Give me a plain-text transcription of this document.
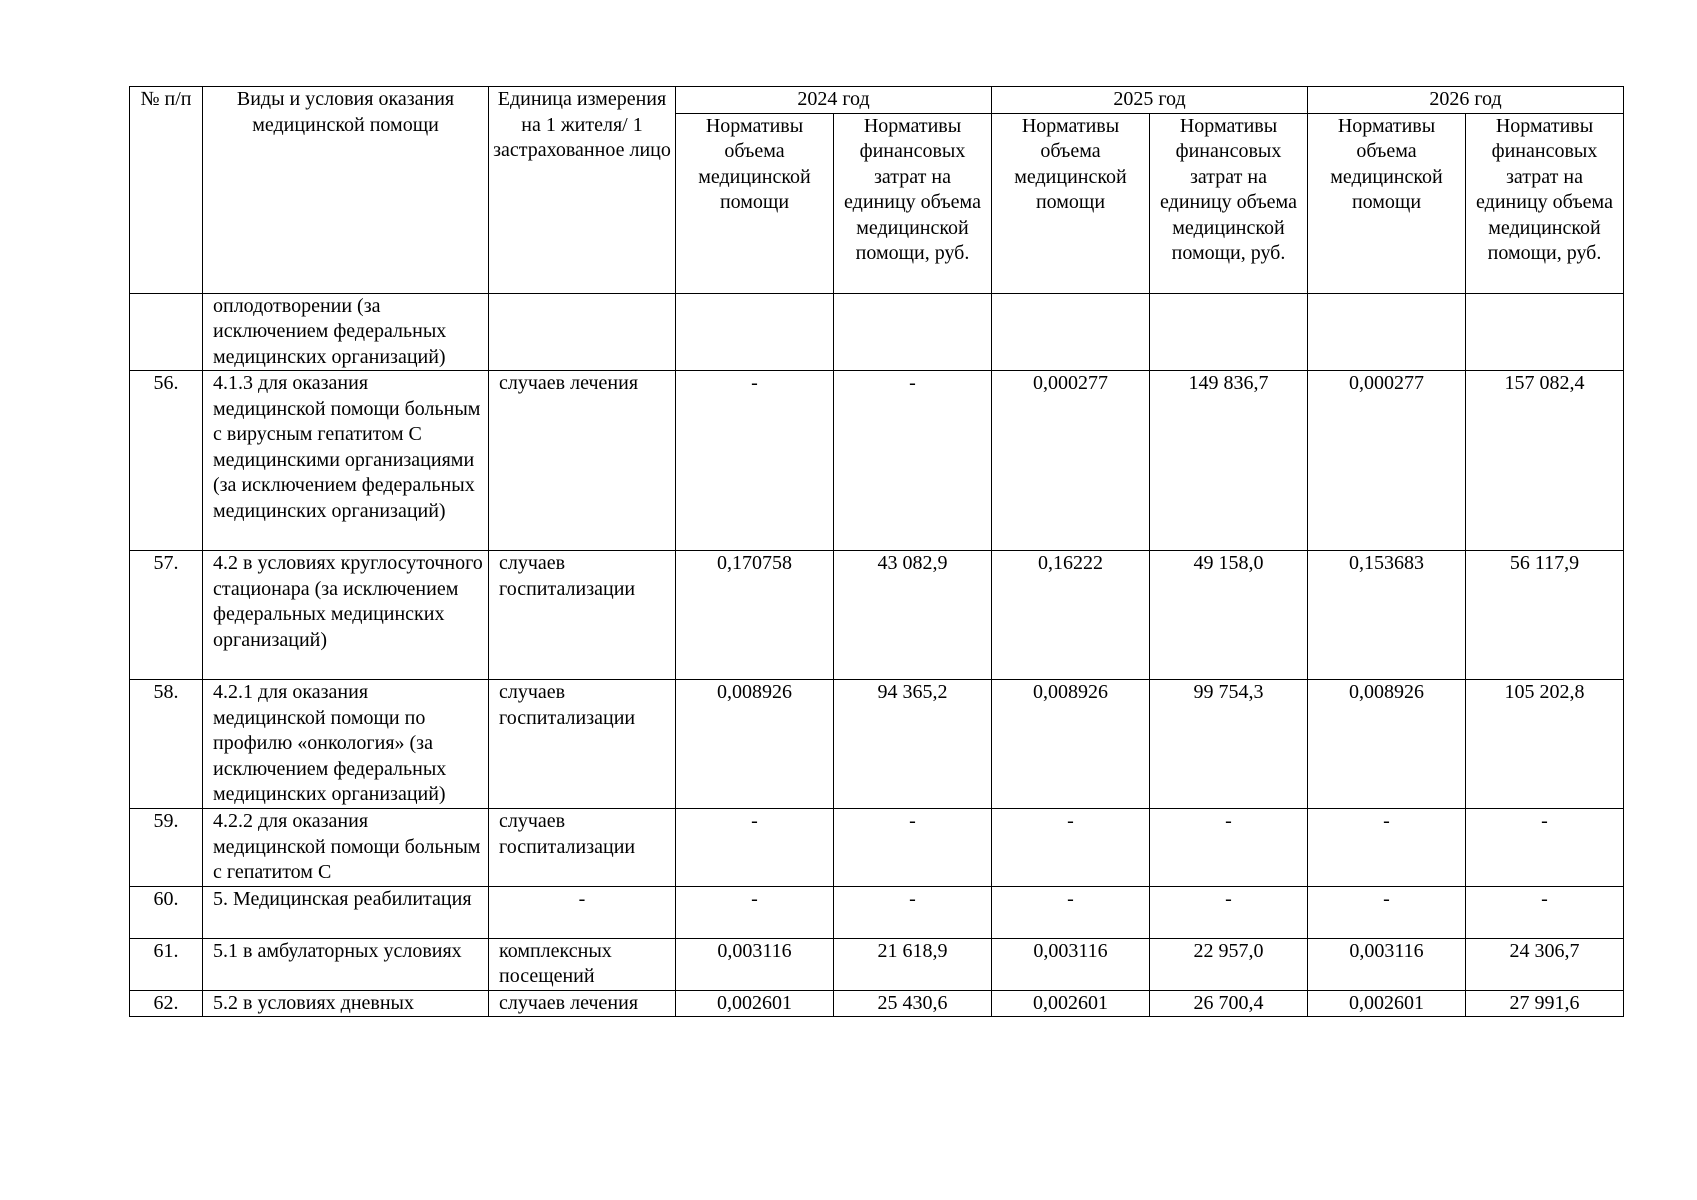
№ п/п	Виды и условия оказания медицинской помощи	Единица измерения на 1 жителя/ 1 застрахованное лицо	2024 год		2025 год		2026 год	
			Нормативы объема медицинской помощи	Нормативы финансовых затрат на единицу объема медицинской помощи, руб.	Нормативы объема медицинской помощи	Нормативы финансовых затрат на единицу объема медицинской помощи, руб.	Нормативы объема медицинской помощи	Нормативы финансовых затрат на единицу объема медицинской помощи, руб.
	оплодотворении (за исключением федеральных медицинских организаций)							
56.	4.1.3 для оказания медицинской помощи больным с вирусным гепатитом С медицинскими организациями (за исключением федеральных медицинских организаций)	случаев лечения	-	-	0,000277	149 836,7	0,000277	157 082,4
57.	4.2 в условиях круглосуточного стационара (за исключением федеральных медицинских организаций)	случаев госпитализации	0,170758	43 082,9	0,16222	49 158,0	0,153683	56 117,9
58.	4.2.1 для оказания медицинской помощи по профилю «онкология» (за исключением федеральных медицинских организаций)	случаев госпитализации	0,008926	94 365,2	0,008926	99 754,3	0,008926	105 202,8
59.	4.2.2 для оказания медицинской помощи больным с гепатитом С	случаев госпитализации	-	-	-	-	-	-
60.	5. Медицинская реабилитация	-	-	-	-	-	-	-
61.	5.1 в амбулаторных условиях	комплексных посещений	0,003116	21 618,9	0,003116	22 957,0	0,003116	24 306,7
62.	5.2 в условиях дневных	случаев лечения	0,002601	25 430,6	0,002601	26 700,4	0,002601	27 991,6
